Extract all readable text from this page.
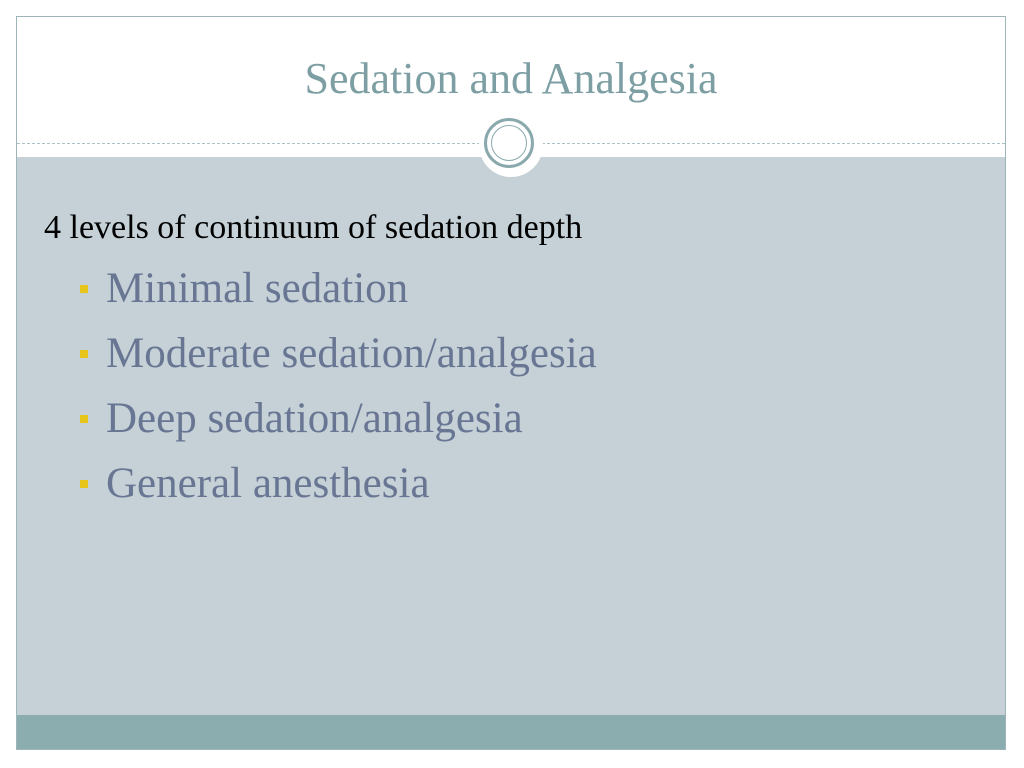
Sedation and Analgesia
4 levels of continuum of sedation depth
Minimal sedation
Moderate sedation/analgesia
Deep sedation/analgesia
General anesthesia
